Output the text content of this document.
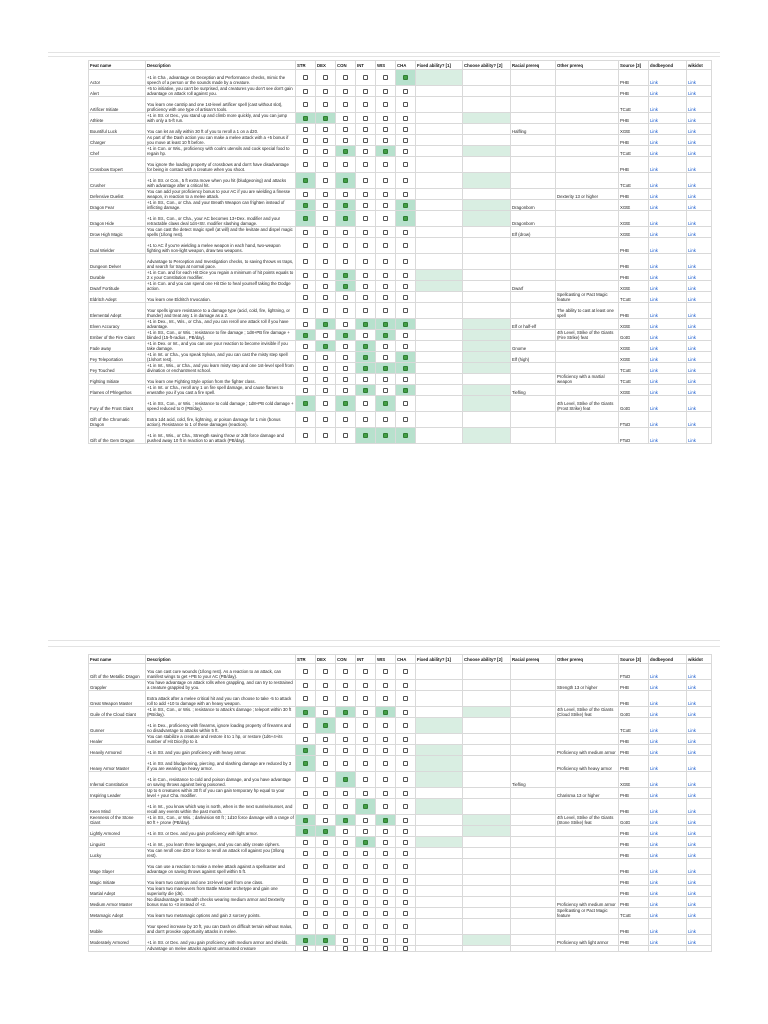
Feat name	Description	STR	DEX	CON	INT	WIS	CHA	Fixed ability? [1]	Choose ability? [2]	Racial prereq	Other prereq	Source [3]	dndbeyond	wikidot
Actor	+1 in Cha , advantage on Deception and Performance checks, mimic the speech of a person or the sounds made by a creature.											PHB	Link	Link
Alert	+5 to initiative, you can't be surprised, and creatures you don't see don't gain advantage on attack roll against you.											PHB	Link	Link
Artificer Initiate	You learn one cantrip and one 1st-level artificer spell (cast without slot), proficiency with one type of artisan's tools.											TCoE	Link	Link
Athlete	+1 in Str. or Dex., you stand up and climb more quickly, and you can jump with only a 5-ft run.											PHB	Link	Link
Bountiful Luck	You can let an ally within 30 ft of you to reroll a 1 on a d20.									Halfling		XGtE	Link	Link
Charger	As part of the Dash action you can make a melee attack with a +5 bonus if you move at least 10 ft before.											PHB	Link	Link
Chef	+1 in Con. or Wis., proficiency with cook's utensils and cook special food to regain hp.											TCoE	Link	Link
Crossbow Expert	You ignore the loading property of crossbows and don't have disadvantage for being in contact with a creature when you shoot.											PHB	Link	Link
Crusher	+1 in Str. or Con., 5 ft extra move when you hit (bludgeoning) and attacks with advantage after a critical hit.											TCoE	Link	Link
Defensive Duelist	You can add your proficiency bonus to your AC if you are wielding a finesse weapon, in reaction to a melee attack.										Dexterity 13 or higher	PHB	Link	Link
Dragon Fear	+1 in Str., Con., or Cha. and your Breath Weapon can frighten instead of inflicting damage.									Dragonborn		XGtE	Link	Link
Dragon Hide	+1 in Str., Con., or Cha., your AC becomes 13+Dex. modifier and your retractable claws deal 1d4+Str. modifier slashing damage.									Dragonborn		XGtE	Link	Link
Drow High Magic	You can cast the detect magic spell (at will) and the levitate and dispel magic spells (1/long rest).									Elf (drow)		XGtE	Link	Link
Dual Wielder	+1 to AC if you're wielding a melee weapon in each hand, two-weapon fighting with non-light weapon, draw two weapons.											PHB	Link	Link
Dungeon Delver	Advantage to Perception and Investigation checks, to saving throws vs traps, and search for traps at normal pace.											PHB	Link	Link
Durable	+1 in Con. and for each Hit Dice you regain a minimum of hit points equals to 2 x your Constitution modifier.											PHB	Link	Link
Dwarf Fortitude	+1 in Con. and you can spend one Hit Die to heal yourself taking the Dodge action.									Dwarf		XGtE	Link	Link
Eldritch Adept	You learn one Eldritch Invocation.										Spellcasting or Pact Magic feature	TCoE	Link	Link
Elemental Adept	Your spells ignore resistance to a damage type (acid, cold, fire, lightning, or thunder) and treat any 1 in damage as a 2.										The ability to cast at least one spell	PHB	Link	Link
Elven Accuracy	+1 in Dex., Int., Wis., or Cha., and you can reroll one attack roll if you have advantage.									Elf or half-elf		XGtE	Link	Link
Ember of the Fire Giant	+1 in Str., Con., or Wis. ; resistance to fire damage ; 1d8+PB fire damage + blinded (15-ft-radius , PB/day).										4th Level, Strike of the Giants (Fire Strike) feat	GotG	Link	Link
Fade away	+1 in Dex. or Int., and you can use your reaction to become invisible if you take damage.									Gnome		XGtE	Link	Link
Fey Teleportation	+1 in Int. or Cha., you speak Sylvan, and you can cast the misty step spell (1/short rest).									Elf (high)		XGtE	Link	Link
Fey Touched	+1 in Int., Wis., or Cha., and you learn misty step and one 1st-level spell from divination or enchantment school.											TCoE	Link	Link
Fighting Initiate	You learn one Fighting Style option from the fighter class.										Proficiency with a martial weapon	TCoE	Link	Link
Flames of Phlegethos	+1 in Int. or Cha., reroll any 1 on fire spell damage, and cause flames to enwrathe you if you cast a fire spell.									Tiefling		XGtE	Link	Link
Fury of the Frost Giant	+1 in Str., Con., or Wis. ; resistance to cold damage ; 1d8+PB cold damage + speed reduced to 0 (PB/day).										4th Level, Strike of the Giants (Frost Strike) feat	GotG	Link	Link
Gift of the Chromatic Dragon	Extra 1d4 acid, cold, fire, lightning, or poison damage for 1 min (bonus action). Resistance to 1 of these damages (reaction).											FToD	Link	Link
Gift of the Gem Dragon	+1 in Int., Wis., or Cha., Strength saving throw or 2d8 force damage and pushed away 10 ft in reaction to an attack (PB/day).											FToD	Link	Link
Feat name	Description	STR	DEX	CON	INT	WIS	CHA	Fixed ability? [1]	Choose ability? [2]	Racial prereq	Other prereq	Source [3]	dndbeyond	wikidot
Gift of the Metallic Dragon	You can cast cure wounds (1/long rest). As a reaction to an attack, can manifest wings to get +PB to your AC (PB/day).											FToD	Link	Link
Grappler	You have advantage on attack rolls when grappling, and can try to restrained a creature grappled by you.										Strength 13 or higher	PHB	Link	Link
Great Weapon Master	Extra attack after a melee critical hit and you can choose to take -5 to attack roll to add +10 to damage with an heavy weapon.											PHB	Link	Link
Guile of the Cloud Giant	+1 in Str., Con., or Wis. ; resistance to attack's damage ; teleport within 30 ft (PB/day).										4th Level, Strike of the Giants (Cloud Strike) feat	GotG	Link	Link
Gunner	+1 in Dex., proficiency with firearms, ignore loading property of firearms and no disadvantage to attacks within 5 ft.											TCoE	Link	Link
Healer	You can stabilize a creature and restore it to 1 hp, or restore (1d6+4+its number of Hit Dice)hp to it.											PHB	Link	Link
Heavily Armored	+1 in Str. and you gain proficiency with heavy armor.										Proficiency with medium armor	PHB	Link	Link
Heavy Armor Master	+1 in Str. and bludgeoning, piercing, and slashing damage are reduced by 3 if you are wearing an heavy armor.										Proficiency with heavy armor	PHB	Link	Link
Infernal Constitution	+1 in Con., resistance to cold and poison damage, and you have advantage on saving throws against being poisoned.									Tiefling		XGtE	Link	Link
Inspiring Leader	Up to 6 creatures within 30 ft of you can gain temporary hp equal to your level + your Cha. modifier.										Charisma 13 or higher	PHB	Link	Link
Keen Mind	+1 in Int., you know which way is north, when is the next sunrise/sunset, and recall any events within the past month.											PHB	Link	Link
Keenness of the Stone Giant	+1 in Str., Con., or Wis. ; darkvision 60 ft ; 1d10 force damage with a range of 60 ft + prone (PB/day).										4th Level, Strike of the Giants (Stone Strike) feat	GotG	Link	Link
Lightly Armored	+1 in Str. or Dex. and you gain proficiency with light armor.											PHB	Link	Link
Linguist	+1 in Int., you learn three languages, and you can ably create ciphers.											PHB	Link	Link
Lucky	You can reroll one d20 or force to reroll an attack roll against you (3/long rest).											PHB	Link	Link
Mage Slayer	You can use a reaction to make a melee attack against a spellcaster and advantage on saving throws against spell within 5 ft.											PHB	Link	Link
Magic Initiate	You learn two cantrips and one 1st-level spell from one class.											PHB	Link	Link
Martial Adept	You learn two maneuvers from Battle Master archetype and gain one superiority die (d6).											PHB	Link	Link
Medium Armor Master	No disadvantage to Stealth checks wearing medium armor and Dexterity bonus max to +3 instead of +2.										Proficiency with medium armor	PHB	Link	Link
Metamagic Adept	You learn two metamagic options and gain 2 sorcery points.										Spellcasting or Pact Magic feature	TCoE	Link	Link
Mobile	Your speed increase by 10 ft, you can Dash on difficult terrain without malus, and don't provoke opportunity attacks in melee.											PHB	Link	Link
Moderately Armored	+1 in Str. or Dex. and you gain proficiency with medium armor and shields.										Proficiency with light armor	PHB	Link	Link
	Advantage on melee attacks against unmounted creature													
